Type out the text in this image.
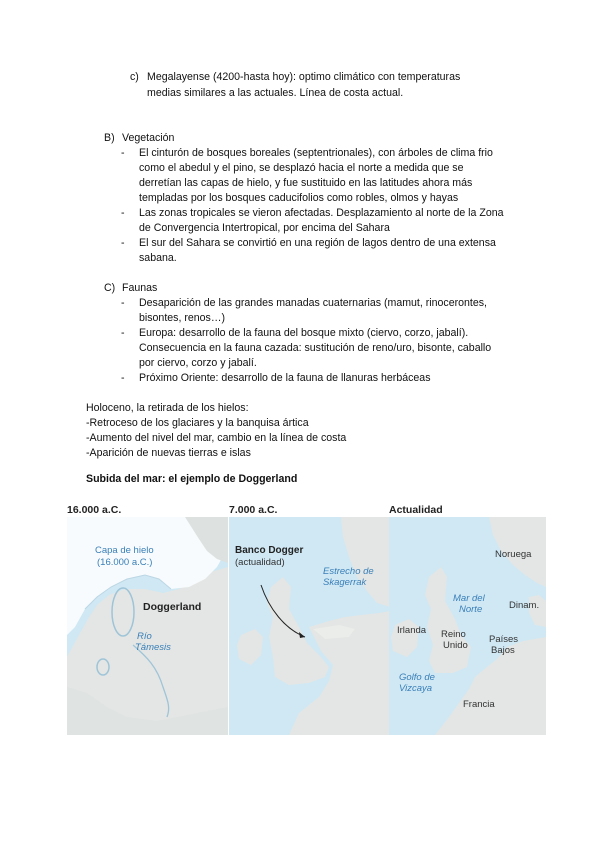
c) Megalayense (4200-hasta hoy): optimo climático con temperaturas
medias similares a las actuales. Línea de costa actual.
B) Vegetación
- El cinturón de bosques boreales (septentrionales), con árboles de clima frio
como el abedul y el pino, se desplazó hacia el norte a medida que se
derretían las capas de hielo, y fue sustituido en las latitudes ahora más
templadas por los bosques caducifolios como robles, olmos y hayas
- Las zonas tropicales se vieron afectadas. Desplazamiento al norte de la Zona
de Convergencia Intertropical, por encima del Sahara
- El sur del Sahara se convirtió en una región de lagos dentro de una extensa
sabana.
C) Faunas
- Desaparición de las grandes manadas cuaternarias (mamut, rinocerontes,
bisontes, renos…)
- Europa: desarrollo de la fauna del bosque mixto (ciervo, corzo, jabalí).
Consecuencia en la fauna cazada: sustitución de reno/uro, bisonte, caballo
por ciervo, corzo y jabalí.
- Próximo Oriente: desarrollo de la fauna de llanuras herbáceas
Holoceno, la retirada de los hielos:
-Retroceso de los glaciares y la banquisa ártica
-Aumento del nivel del mar, cambio en la línea de costa
-Aparición de nuevas tierras e islas
Subida del mar: el ejemplo de Doggerland
16.000 a.C.
Capa de hielo
(16.000 a.C.)
Doggerland
Río
Támesis
7.000 a.C.
Banco Dogger
(actualidad)
Estrecho de
Skagerrak
Actualidad
Noruega
Mar del
Norte	Dinam.
Irlanda Reino
Unido
Países
Bajos
Golfo de
Vizcaya
Francia
